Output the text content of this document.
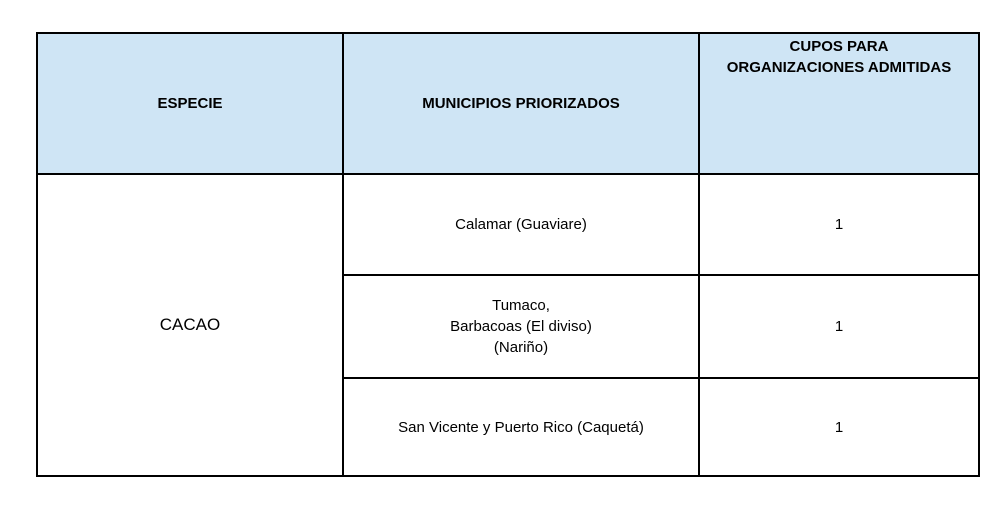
ESPECIE	MUNICIPIOS PRIORIZADOS	CUPOS PARA
ORGANIZACIONES ADMITIDAS

CACAO	Calamar (Guaviare)	1

	Tumaco,
Barbacoas (El diviso)
(Nariño)	1

	San Vicente y Puerto Rico (Caquetá)	1
